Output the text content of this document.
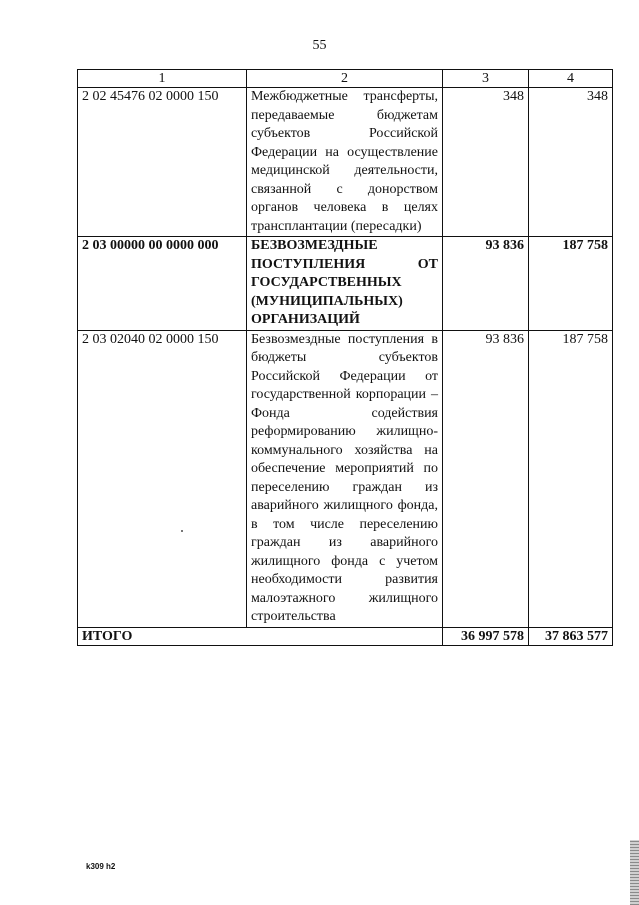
55
1	2	3	4
2 02 45476 02 0000 150	Межбюджетные трансферты, передаваемые бюджетам субъектов Российской Федерации на осуществление медицинской деятельности, связанной с донорством органов человека в целях трансплантации (пересадки)	348	348
2 03 00000 00 0000 000	БЕЗВОЗМЕЗДНЫЕ ПОСТУПЛЕНИЯ ОТ ГОСУДАРСТВЕННЫХ (МУНИЦИПАЛЬНЫХ) ОРГАНИЗАЦИЙ	93 836	187 758
2 03 02040 02 0000 150	Безвозмездные поступления в бюджеты субъектов Российской Федерации от государственной корпорации – Фонда содействия реформированию жилищно-коммунального хозяйства на обеспечение мероприятий по переселению граждан из аварийного жилищного фонда, в том числе переселению граждан из аварийного жилищного фонда с учетом необходимости развития малоэтажного жилищного строительства	93 836	187 758
ИТОГО		36 997 578	37 863 577
k309 h2
